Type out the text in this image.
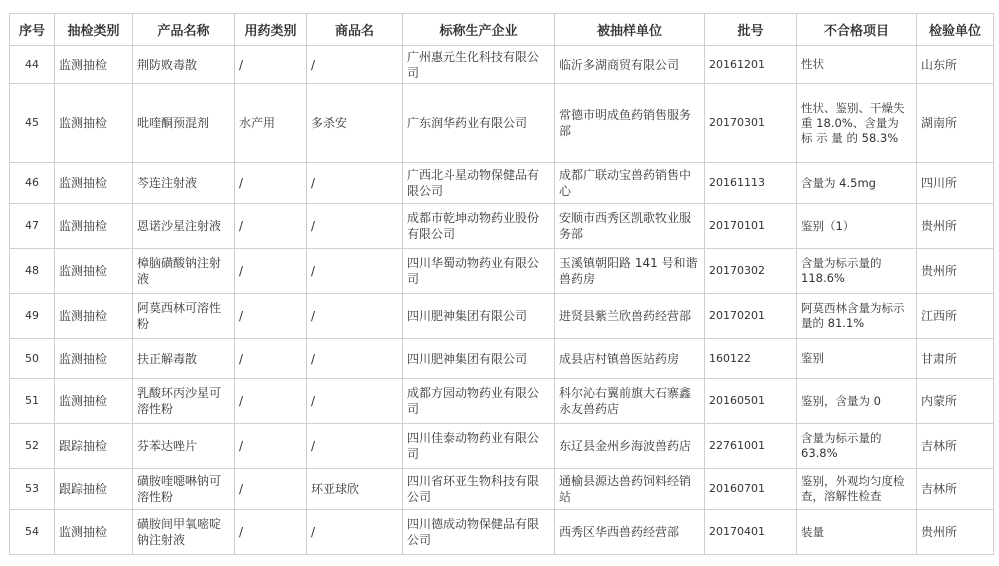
序号	抽检类别	产品名称	用药类别	商品名	标称生产企业	被抽样单位	批号	不合格项目	检验单位
44	监测抽检	荆防败毒散	/	/	广州惠元生化科技有限公司	临沂多湖商贸有限公司	20161201	性状	山东所
45	监测抽检	吡喹酮预混剂	水产用	多杀安	广东润华药业有限公司	常德市明成鱼药销售服务部	20170301	性状、鉴别、干燥失重 18.0%、含量为 标 示 量 的 58.3%	湖南所
46	监测抽检	芩连注射液	/	/	广西北斗星动物保健品有限公司	成都广联动宝兽药销售中心	20161113	含量为 4.5mg	四川所
47	监测抽检	恩诺沙星注射液	/	/	成都市乾坤动物药业股份有限公司	安顺市西秀区凯歌牧业服务部	20170101	鉴别（1）	贵州所
48	监测抽检	樟脑磺酸钠注射液	/	/	四川华蜀动物药业有限公司	玉溪镇朝阳路 141 号和谐兽药房	20170302	含量为标示量的 118.6%	贵州所
49	监测抽检	阿莫西林可溶性粉	/	/	四川肥神集团有限公司	进贤县紫兰欣兽药经营部	20170201	阿莫西林含量为标示量的 81.1%	江西所
50	监测抽检	扶正解毒散	/	/	四川肥神集团有限公司	成县店村镇兽医站药房	160122	鉴别	甘肃所
51	监测抽检	乳酸环丙沙星可溶性粉	/	/	成都方园动物药业有限公司	科尔沁右翼前旗大石寨鑫永友兽药店	20160501	鉴别，含量为 0	内蒙所
52	跟踪抽检	芬苯达唑片	/	/	四川佳泰动物药业有限公司	东辽县金州乡海波兽药店	22761001	含量为标示量的 63.8%	吉林所
53	跟踪抽检	磺胺喹噁啉钠可溶性粉	/	环亚球欣	四川省环亚生物科技有限公司	通榆县源达兽药饲料经销站	20160701	鉴别，外观均匀度检查，溶解性检查	吉林所
54	监测抽检	磺胺间甲氧嘧啶钠注射液	/	/	四川德成动物保健品有限公司	西秀区华西兽药经营部	20170401	装量	贵州所
